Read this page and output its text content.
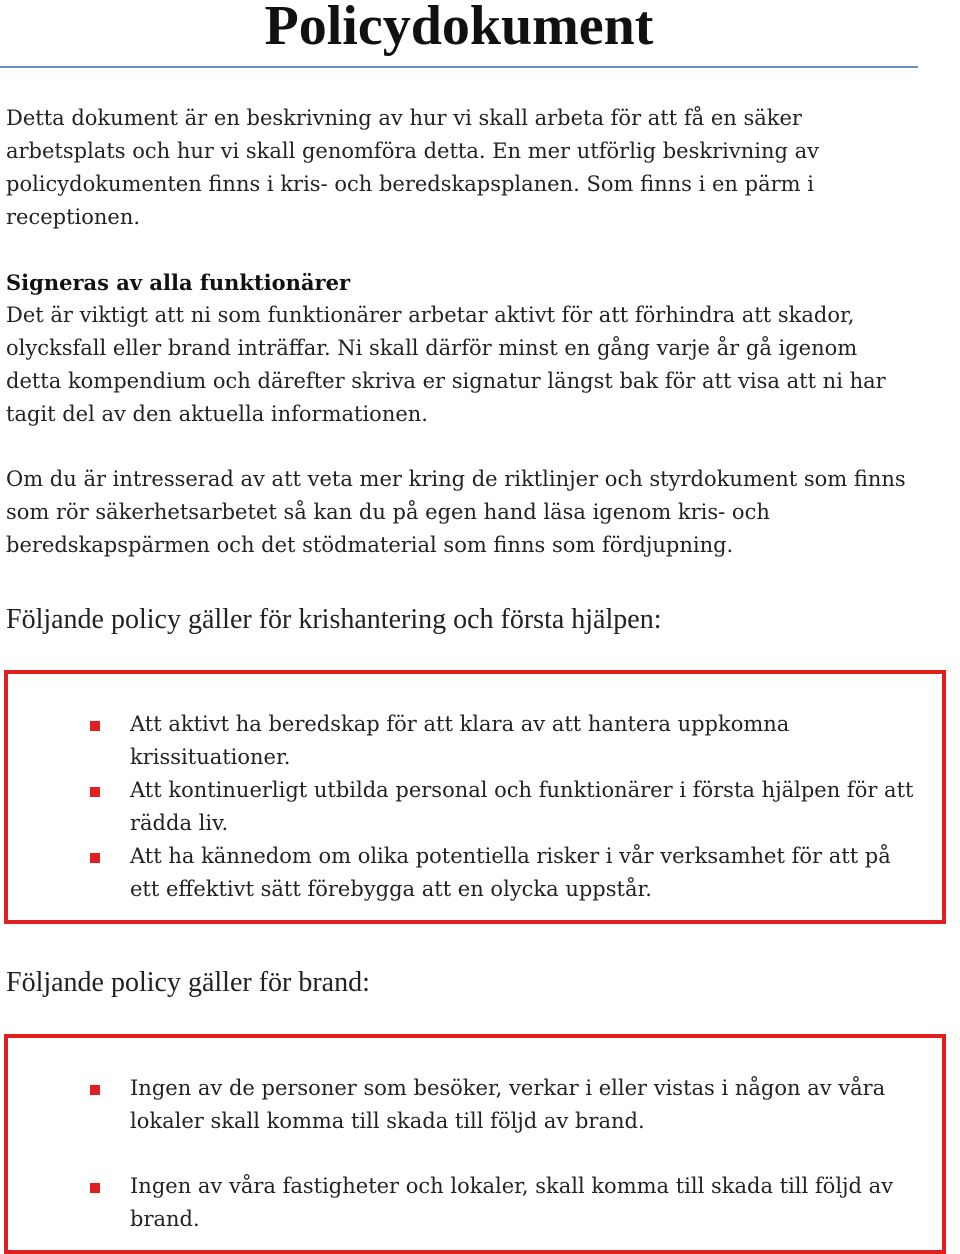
Policydokument

Detta dokument är en beskrivning av hur vi skall arbeta för att få en säker arbetsplats och hur vi skall genomföra detta. En mer utförlig beskrivning av policydokumenten finns i kris- och beredskapsplanen. Som finns i en pärm i receptionen.

Signeras av alla funktionärer
Det är viktigt att ni som funktionärer arbetar aktivt för att förhindra att skador, olycksfall eller brand inträffar. Ni skall därför minst en gång varje år gå igenom detta kompendium och därefter skriva er signatur längst bak för att visa att ni har tagit del av den aktuella informationen.

Om du är intresserad av att veta mer kring de riktlinjer och styrdokument som finns som rör säkerhetsarbetet så kan du på egen hand läsa igenom kris- och beredskapspärmen och det stödmaterial som finns som fördjupning.

Följande policy gäller för krishantering och första hjälpen:
Att aktivt ha beredskap för att klara av att hantera uppkomna krissituationer.
Att kontinuerligt utbilda personal och funktionärer i första hjälpen för att rädda liv.
Att ha kännedom om olika potentiella risker i vår verksamhet för att på ett effektivt sätt förebygga att en olycka uppstår.
Följande policy gäller för brand:
Ingen av de personer som besöker, verkar i eller vistas i någon av våra lokaler skall komma till skada till följd av brand.
Ingen av våra fastigheter och lokaler, skall komma till skada till följd av brand.
